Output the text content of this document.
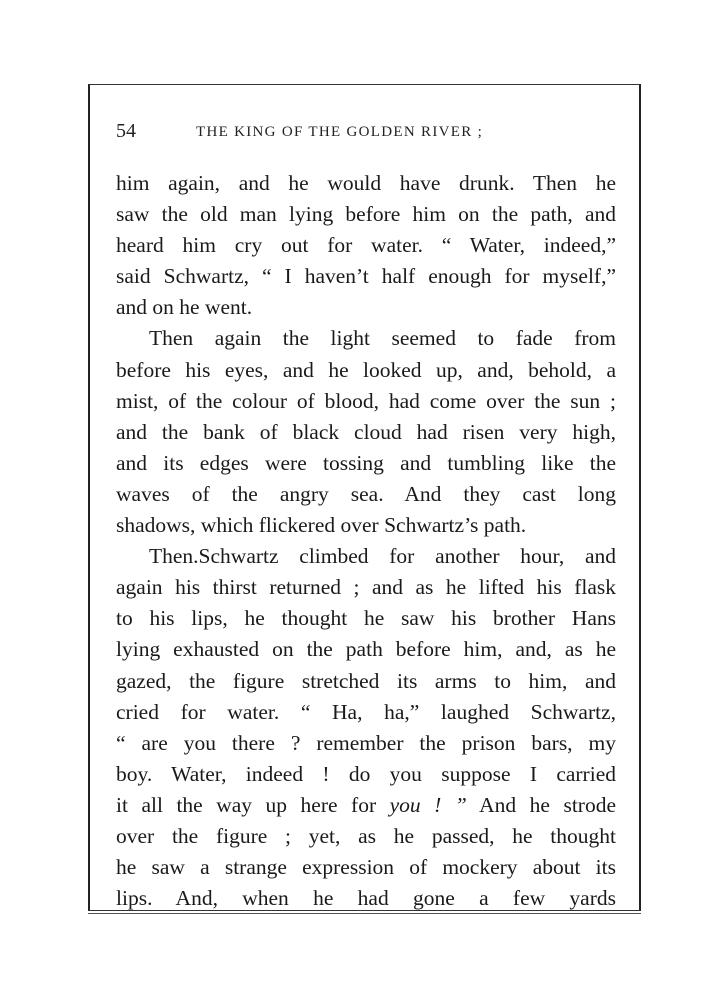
54	THE KING OF THE GOLDEN RIVER ;
him again, and he would have drunk. Then he
saw the old man lying before him on the path, and
heard him cry out for water. “ Water, indeed,”
said Schwartz, “ I haven’t half enough for myself,”
and on he went.
Then again the light seemed to fade from
before his eyes, and he looked up, and, behold, a
mist, of the colour of blood, had come over the sun ;
and the bank of black cloud had risen very high,
and its edges were tossing and tumbling like the
waves of the angry sea. And they cast long
shadows, which flickered over Schwartz’s path.
Then.Schwartz climbed for another hour, and
again his thirst returned ; and as he lifted his flask
to his lips, he thought he saw his brother Hans
lying exhausted on the path before him, and, as he
gazed, the figure stretched its arms to him, and
cried for water. “ Ha, ha,” laughed Schwartz,
“ are you there ? remember the prison bars, my
boy. Water, indeed ! do you suppose I carried
it all the way up here for you ! ” And he strode
over the figure ; yet, as he passed, he thought
he saw a strange expression of mockery about its
lips. And, when he had gone a few yards
